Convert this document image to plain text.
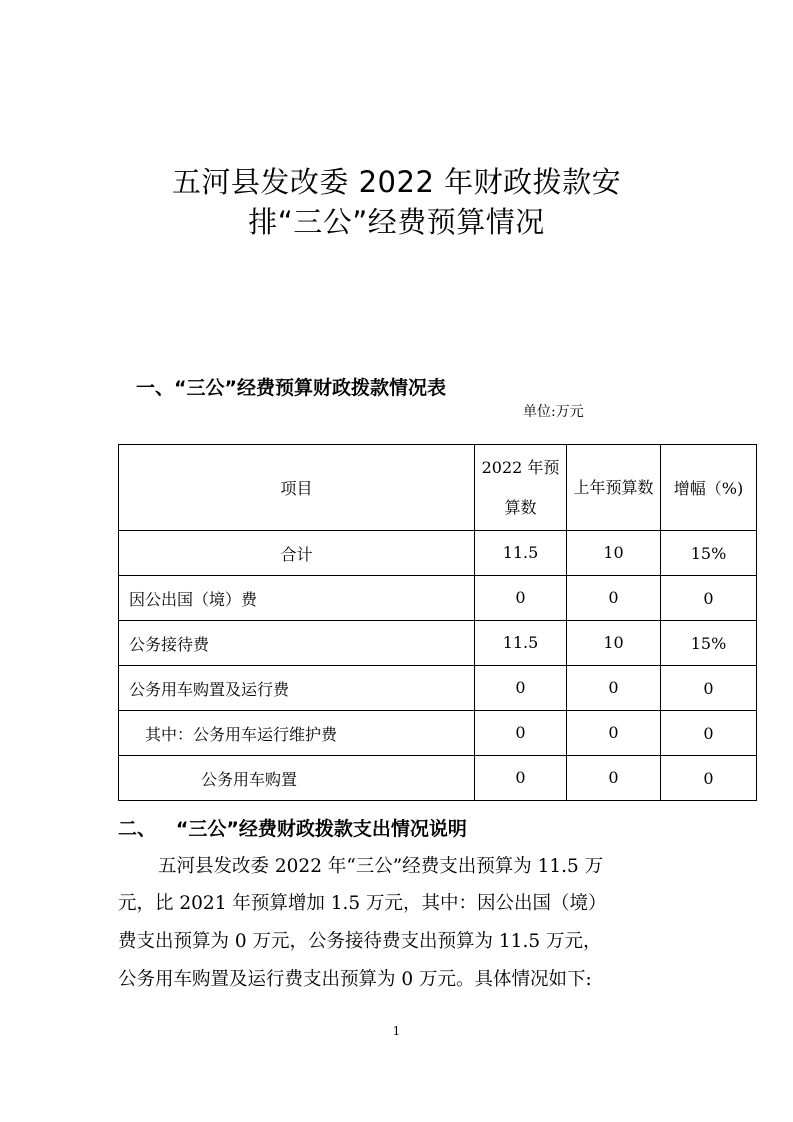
五河县发改委 2022 年财政拨款安
排“三公”经费预算情况
一、“三公”经费预算财政拨款情况表
单位:万元
项目	2022 年预算数	上年预算数	增幅（%)
合计	11.5	10	15%
因公出国（境）费	0	0	0
公务接待费	11.5	10	15%
公务用车购置及运行费	0	0	0
其中：公务用车运行维护费	0	0	0
公务用车购置	0	0	0
二、   “三公”经费财政拨款支出情况说明
五河县发改委 2022 年“三公”经费支出预算为 11.5 万
元，比 2021 年预算增加 1.5 万元，其中：因公出国（境）
费支出预算为 0 万元，公务接待费支出预算为 11.5 万元，
公务用车购置及运行费支出预算为 0 万元。具体情况如下:
1
